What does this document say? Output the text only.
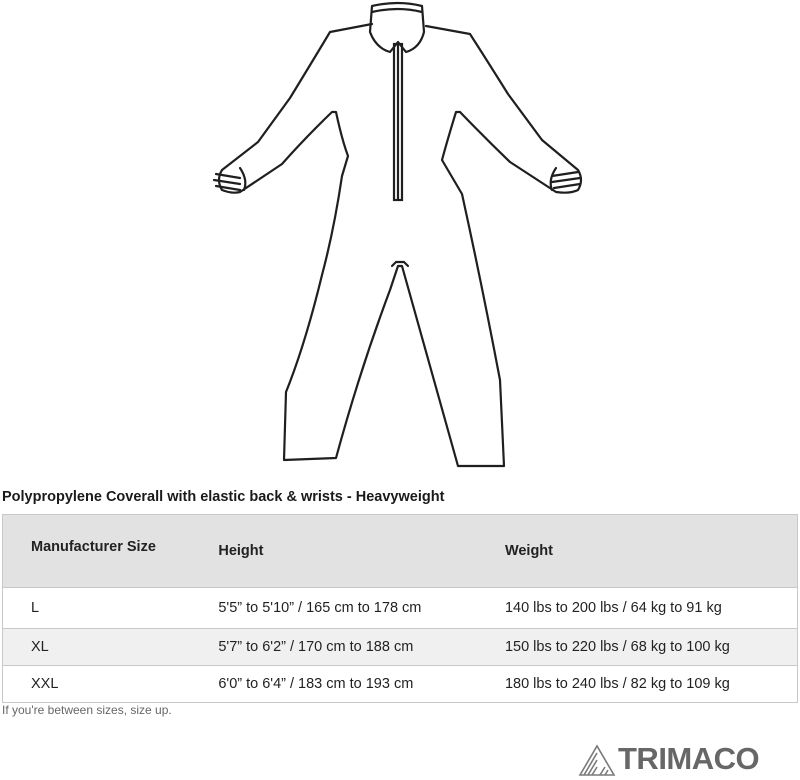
Polypropylene Coverall with elastic back & wrists - Heavyweight
Manufacturer Size	Height	Weight
L	5'5” to 5'10” / 165 cm to 178 cm	140 lbs to 200 lbs / 64 kg to 91 kg
XL	5'7” to 6'2” / 170 cm to 188 cm	150 lbs to 220 lbs / 68 kg to 100 kg
XXL	6'0” to 6'4” / 183 cm to 193 cm	180 lbs to 240 lbs / 82 kg to 109 kg

If you're between sizes, size up.

TRIMACO
